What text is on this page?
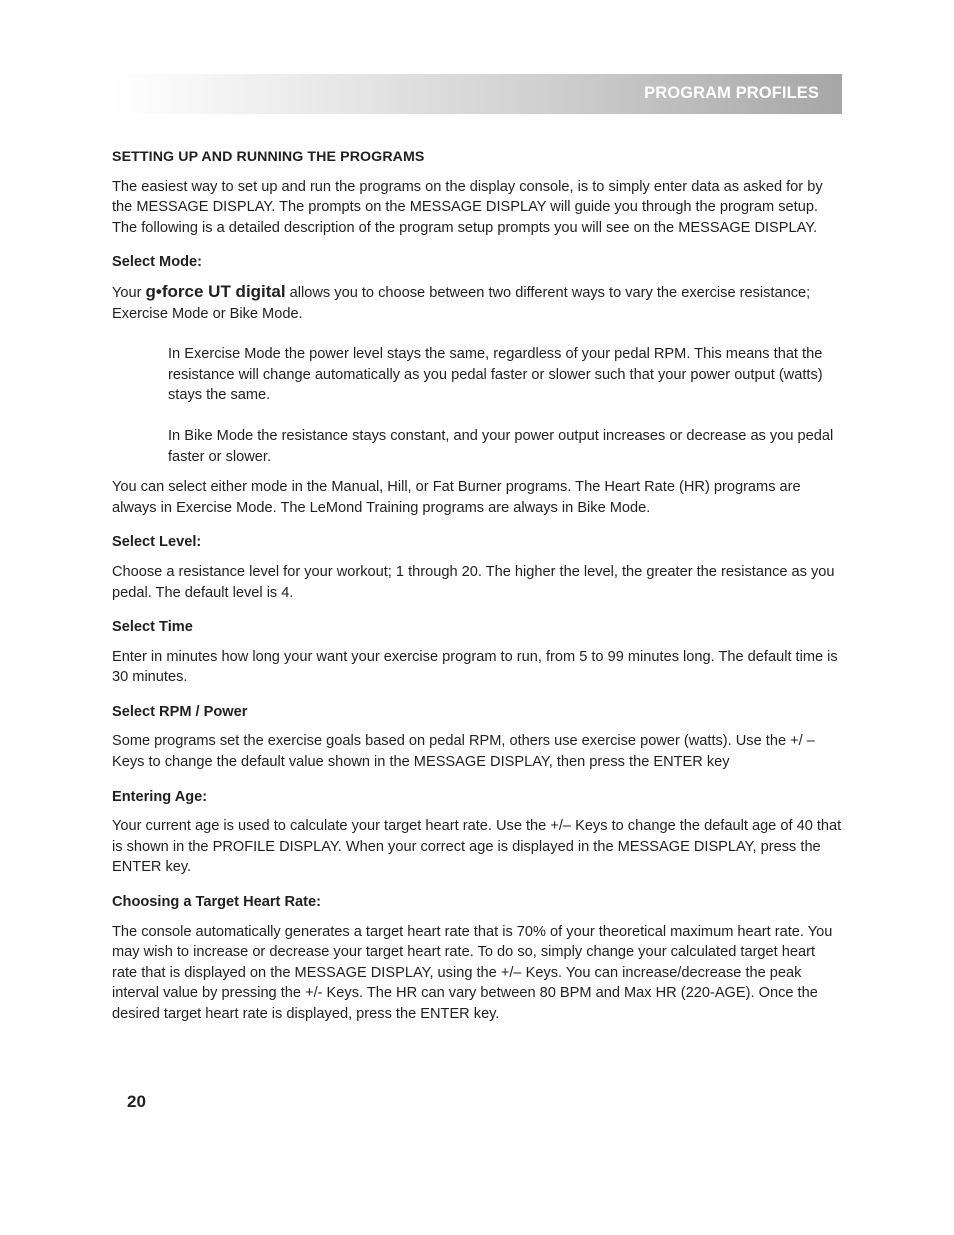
PROGRAM PROFILES
SETTING UP AND RUNNING THE PROGRAMS

The easiest way to set up and run the programs on the display console, is to simply enter data as asked for by the MESSAGE DISPLAY. The prompts on the MESSAGE DISPLAY will guide you through the program setup. The following is a detailed description of the program setup prompts you will see on the MESSAGE DISPLAY.

Select Mode:

Your g•force UT digital allows you to choose between two different ways to vary the exercise resistance; Exercise Mode or Bike Mode.

In Exercise Mode the power level stays the same, regardless of your pedal RPM. This means that the resistance will change automatically as you pedal faster or slower such that your power output (watts) stays the same.

In Bike Mode the resistance stays constant, and your power output increases or decrease as you pedal faster or slower.

You can select either mode in the Manual, Hill, or Fat Burner programs. The Heart Rate (HR) programs are always in Exercise Mode. The LeMond Training programs are always in Bike Mode.

Select Level:

Choose a resistance level for your workout; 1 through 20. The higher the level, the greater the resistance as you pedal. The default level is 4.

Select Time

Enter in minutes how long your want your exercise program to run, from 5 to 99 minutes long. The default time is 30 minutes.

Select RPM / Power

Some programs set the exercise goals based on pedal RPM, others use exercise power (watts). Use the +/ – Keys to change the default value shown in the MESSAGE DISPLAY, then press the ENTER key

Entering Age:

Your current age is used to calculate your target heart rate. Use the +/– Keys to change the default age of 40 that is shown in the PROFILE DISPLAY. When your correct age is displayed in the MESSAGE DISPLAY, press the ENTER key.

Choosing a Target Heart Rate:

The console automatically generates a target heart rate that is 70% of your theoretical maximum heart rate. You may wish to increase or decrease your target heart rate. To do so, simply change your calculated target heart rate that is displayed on the MESSAGE DISPLAY, using the +/– Keys. You can increase/decrease the peak interval value by pressing the +/- Keys. The HR can vary between 80 BPM and Max HR (220-AGE). Once the desired target heart rate is displayed, press the ENTER key.

20
